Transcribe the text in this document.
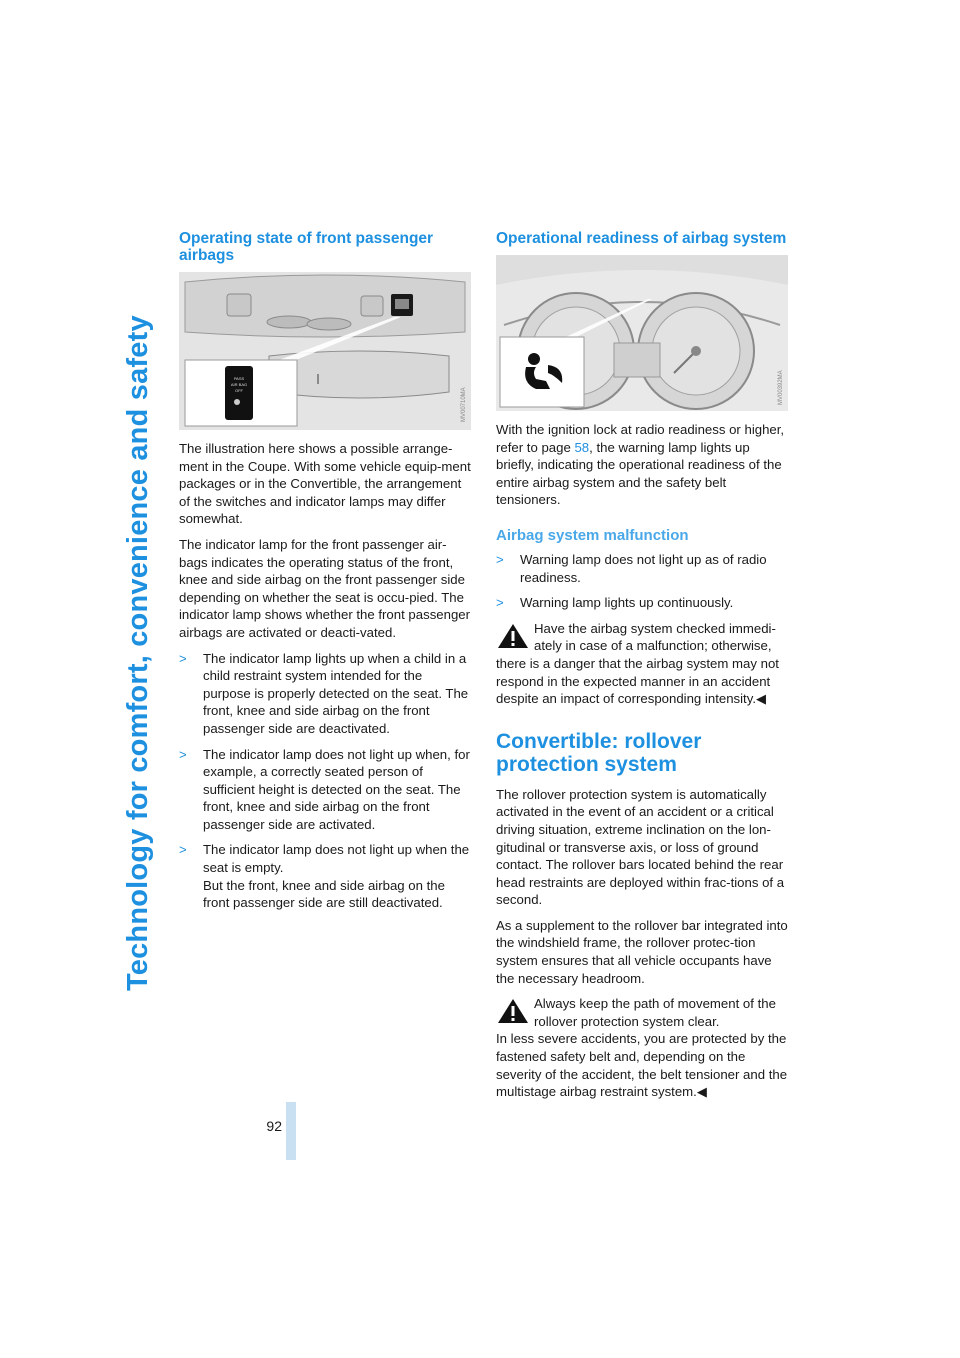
Technology for comfort, convenience and safety
92
Operating state of front passenger airbags
PASS
AIR BAG
OFF	MV00710MA

The illustration here shows a possible arrange-ment in the Coupe. With some vehicle equip-ment packages or in the Convertible, the arrangement of the switches and indicator lamps may differ somewhat.

The indicator lamp for the front passenger air-bags indicates the operating status of the front, knee and side airbag on the front passenger side depending on whether the seat is occu-pied. The indicator lamp shows whether the front passenger airbags are activated or deacti-vated.

> The indicator lamp lights up when a child in a child restraint system intended for the purpose is properly detected on the seat. The front, knee and side airbag on the front passenger side are deactivated.
> The indicator lamp does not light up when, for example, a correctly seated person of sufficient height is detected on the seat. The front, knee and side airbag on the front passenger side are activated.
> The indicator lamp does not light up when the seat is empty.
But the front, knee and side airbag on the front passenger side are still deactivated.
Operational readiness of airbag system
MV00392MA

With the ignition lock at radio readiness or higher, refer to page 58, the warning lamp lights up briefly, indicating the operational readiness of the entire airbag system and the safety belt tensioners.

Airbag system malfunction
> Warning lamp does not light up as of radio readiness.
> Warning lamp lights up continuously.
Have the airbag system checked immedi-ately in case of a malfunction; otherwise,
there is a danger that the airbag system may not respond in the expected manner in an accident despite an impact of corresponding intensity.◀
Convertible: rollover protection system

The rollover protection system is automatically activated in the event of an accident or a critical driving situation, extreme inclination on the lon-gitudinal or transverse axis, or loss of ground contact. The rollover bars located behind the rear head restraints are deployed within frac-tions of a second.

As a supplement to the rollover bar integrated into the windshield frame, the rollover protec-tion system ensures that all vehicle occupants have the necessary headroom.

Always keep the path of movement of the rollover protection system clear.
In less severe accidents, you are protected by the fastened safety belt and, depending on the severity of the accident, the belt tensioner and the multistage airbag restraint system.◀
